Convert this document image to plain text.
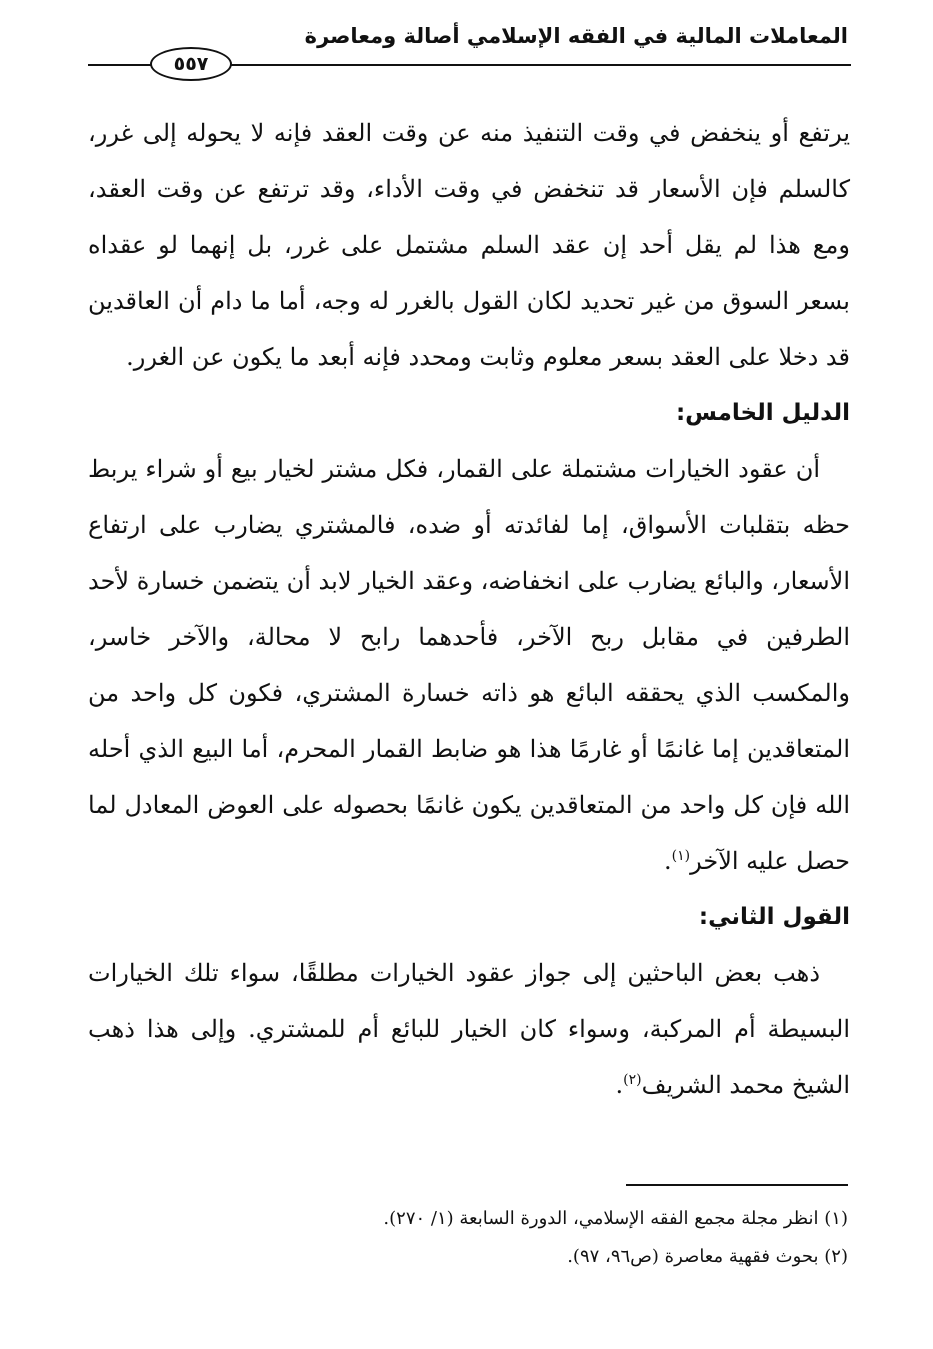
المعاملات المالية في الفقه الإسلامي أصالة ومعاصرة
٥٥٧

يرتفع أو ينخفض في وقت التنفيذ منه عن وقت العقد فإنه لا يحوله إلى غرر، كالسلم فإن الأسعار قد تنخفض في وقت الأداء، وقد ترتفع عن وقت العقد، ومع هذا لم يقل أحد إن عقد السلم مشتمل على غرر، بل إنهما لو عقداه بسعر السوق من غير تحديد لكان القول بالغرر له وجه، أما ما دام أن العاقدين قد دخلا على العقد بسعر معلوم وثابت ومحدد فإنه أبعد ما يكون عن الغرر.

الدليل الخامس:

أن عقود الخيارات مشتملة على القمار، فكل مشتر لخيار بيع أو شراء يربط حظه بتقلبات الأسواق، إما لفائدته أو ضده، فالمشتري يضارب على ارتفاع الأسعار، والبائع يضارب على انخفاضه، وعقد الخيار لابد أن يتضمن خسارة لأحد الطرفين في مقابل ربح الآخر، فأحدهما رابح لا محالة، والآخر خاسر، والمكسب الذي يحققه البائع هو ذاته خسارة المشتري، فكون كل واحد من المتعاقدين إما غانمًا أو غارمًا هذا هو ضابط القمار المحرم، أما البيع الذي أحله الله فإن كل واحد من المتعاقدين يكون غانمًا بحصوله على العوض المعادل لما حصل عليه الآخر$^{(١)}$.

القول الثاني:

ذهب بعض الباحثين إلى جواز عقود الخيارات مطلقًا، سواء تلك الخيارات البسيطة أم المركبة، وسواء كان الخيار للبائع أم للمشتري. وإلى هذا ذهب الشيخ محمد الشريف$^{(٢)}$.

(١) انظر مجلة مجمع الفقه الإسلامي، الدورة السابعة (١/ ٢٧٠).

(٢) بحوث فقهية معاصرة (ص٩٦، ٩٧).
